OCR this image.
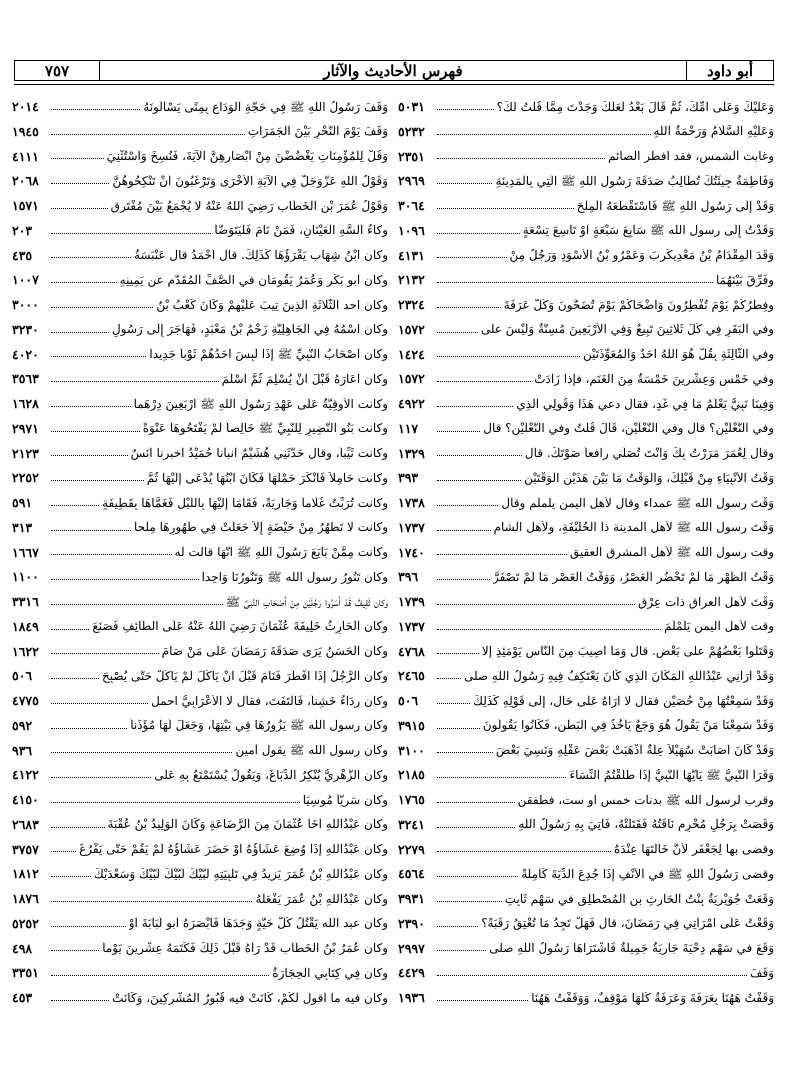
أبو داود
فهرس الأحاديث والآثار
٧٥٧
وَعَلَيْكَ وَعَلَى أُمِّكَ، ثُمَّ قَالَ بَعْدُ لَعَلَّكَ وَجَدْتَ مِمَّا قُلْتُ لَكَ؟
٥٠٣١
وَعَلَيْهِ السَّلَامُ وَرَحْمَةُ اللهِ
٥٢٣٢
وغابت الشمس، فقد أفطر الصائم
٢٣٥١
وَفَاطِمَةُ جِيئَتُكَ تُطَالِبُ صَدَقَةَ رَسُولِ اللهِ ﷺ الَّتِي بِالْمَدِينَةِ
٢٩٦٩
وَقَدْ إِلَى رَسُولِ اللهِ ﷺ فَاسْتَقْطَعَهُ الْمِلْحَ
٣٠٦٤
وَقَدْتُ إِلَى رسول الله ﷺ سَابِعَ سَبْعَةٍ أَوْ تَاسِعَ تِسْعَةٍ
١٠٩٦
وَقَدَ الْمِقْدَامُ بْنُ مَعْدِيكَرِبَ وَعَمْرُو بْنُ الْأَسْوَدِ وَرَجُلٌ مِنْ
٤١٣١
وفَرِّقَ بَيْنَهُمَا
٢١٣٢
وفِطْرُكُمْ يَوْمَ تُفْطِرُونَ وَأَضْحَاكُمْ يَوْمَ تُضَحُّونَ وَكُلُّ عَرَفَةَ
٢٣٢٤
وفي الْبَقَرِ فِي كُلِّ ثَلَاثِينَ تَبِيعٌ وَفِي الْأَرْبَعِينَ مُسِنَّةٌ وَلَيْسَ على
١٥٧٢
وفي الثَّالِثَةِ بِقُلْ هُوَ اللهُ أَحَدٌ وَالْمُعَوِّذَتَيْنِ
١٤٢٤
وفي خَمْسٍ وَعِشْرِينَ خَمْسَةٌ مِنَ الْغَنَمِ، فإذا زَادَتْ
١٥٧٢
وَفِينَا نَبِيٌّ يَعْلَمُ مَا فِي غَدٍ، فقال دعي هَذَا وَقُولِي الَّذِي
٤٩٢٢
وفي النَّعْلَيْنِ؟ قال وفي النَّعْلَيْنِ، قَالَ قُلْتُ وفي النَّعْلَيْنِ؟ قال
١١٧
وقال لِعُمَرَ مَرَرْتُ بِكَ وَأَنْتَ تُصَلِّي رافعاً صَوْتَكَ. قال
١٣٢٩
وَقْتُ الأَنْبِيَاءِ مِنْ قَبْلِكَ، وَالْوَقْتُ مَا بَيْنَ هَذَيْنِ الْوَقْتَيْنِ
٣٩٣
وَقْتَ رسول الله ﷺ عمداء وقال لأهل اليمن يلملم وقال
١٧٣٨
وَقْتَ رسول الله ﷺ لأهل المدينة ذا الحُلَيْفَةِ، ولأهل الشام
١٧٣٧
وقت رسول الله ﷺ لأهل المشرق العقيق
١٧٤٠
وَقْتُ الظُّهْرِ مَا لَمْ تَحْضُرِ الْعَصْرُ، وَوَقْتُ الْعَصْرِ مَا لَمْ تَصْفَرَّ
٣٩٦
وَقْتَ لأهل العراق ذات عِرْقٍ
١٧٣٩
وقت لأهل اليمن يَلَمْلَمَ
١٧٣٧
وَقَتَلُوا بَعْضُهُمْ على بَعْضٍ. قال وَمَا أُصِيبَ مِنَ النَّاسِ يَوْمَئِذٍ إلا
٤٧٦٨
وَقَدْ أَرَانِي عَبْدُاللهِ الْمَكَانَ الَّذِي كَانَ يَعْتَكِفُ فِيهِ رَسُولُ اللهِ صلى
٢٤٦٥
وَقَدْ سَمِعْتُهَا مِنْ حُصَيْنٍ فقال لا أُرَاهُ عَلَى حَالٍ، إِلَى قَوْلِهِ كَذَلِكَ
٥٠٦
وَقَدْ سَمِعْنَا مَنْ يَقُولُ هُوَ وَجَعٌ يَأْخُذُ فِي الْبَطْنِ، فَكَانُوا يَقُولُونَ
٣٩١٥
وَقَدْ كَانَ أَصَابَتْ سُهَيْلاً عِلَّةٌ أَذْهَبَتْ بَعْضَ عَقْلِهِ وَنَسِيَ بَعْضَ
٣١٠٠
وَقَرَأَ النَّبِيُّ ﷺ يَأَيُّهَا النَّبِيُّ إِذَا طَلَّقْتُمُ النِّسَاءَ
٢١٨٥
وقرب لرسول الله ﷺ بدنات خمس أو ست، فطفقن
١٧٦٥
وَقَصَتْ بِرَجُلٍ مُحْرِمٍ نَاقَتُهُ فَقَتَلَتْهُ، فَأُتِيَ بِهِ رَسُولُ اللهِ
٣٢٤١
وقضى بها لِجَعْفَرٍ لأَنَّ خَالَتَهَا عِنْدَهُ
٢٢٧٩
وقضى رَسُولُ اللهِ ﷺ في الأَنْفِ إِذَا جُدِعَ الدِّيَةَ كَامِلَةً
٤٥٦٤
وَقَعَتْ جُوَيْرِيَةُ بِنْتُ الْحَارِثِ بن الْمُصْطَلِقِ في سَهْمِ ثَابِتِ
٣٩٣١
وَقَعْتُ عَلَى امْرَأَتِي فِي رَمَضَانَ، قال فَهَلْ تَجِدُ مَا تُعْتِقُ رَقَبَةً؟
٢٣٩٠
وَقَعَ في سَهْمِ دِحْيَةَ جَارِيَةٌ جَمِيلَةٌ فَاشْتَرَاهَا رَسُولُ اللهِ صلى
٢٩٩٧
وَقَفَ
٤٤٢٩
وَقَفْتُ هَهُنَا بِعَرَفَةَ وَعَرَفَةُ كُلُّهَا مَوْقِفٌ، وَوَقَفْتُ هَهُنَا
١٩٣٦
وَقَفَ رَسُولُ اللهِ ﷺ فِي حَجَّةِ الْوَدَاعِ بِمِنًى يَسْأَلُونَهُ
٢٠١٤
وَقَفَ يَوْمَ النَّحْرِ بَيْنَ الْجَمَرَاتِ
١٩٤٥
وَقُلْ لِلْمُؤْمِنَاتِ يَغْضُضْنَ مِنْ أَبْصَارِهِنَّ الآيَةَ، فَنُسِخَ وَاسْتُثْنِيَ
٤١١١
وَقَوْلُ اللهِ عَزَّوَجَلَّ فِي الآيَةِ الأُخْرَى وَتَرْغَبُونَ أَنْ تَنْكِحُوهُنَّ
٢٠٦٨
وَقَوْلُ عُمَرَ بْنِ الْخَطَّابِ رَضِيَ اللهُ عَنْهُ لا يُجْمَعُ بَيْنَ مُفْتَرِقٍ
١٥٧١
وكاءُ السَّهِ الْعَيْنَانِ، فَمَنْ نَامَ فَلْيَتَوَضَّأْ
٢٠٣
وكان ابْنُ شِهَابٍ يَقْرَؤُهَا كَذَلِكَ. قال أَحْمَدُ قال عَنْبَسَةُ
٤٣٥
وكان أبو بَكْرٍ وَعُمَرُ يَقُومَانِ في الصَّفِّ الْمُقَدَّمِ عن يَمِينِهِ
١٠٠٧
وكان أحد الثَّلاثَةِ الَّذِينَ تِيبَ عَلَيْهِمْ وَكَانَ كَعْبُ بْنُ
٣٠٠٠
وكان اسْمُهُ فِي الْجَاهِلِيَّةِ زَحْمُ بْنُ مَعْبَدٍ، فَهَاجَرَ إِلَى رَسُولِ
٣٢٣٠
وكان أَصْحَابُ النَّبِيِّ ﷺ إِذَا لَبِسَ أَحَدُهُمْ ثَوْباً جَدِيداً
٤٠٢٠
وكان أَعَارَهُ قَبْلَ أَنْ يُسْلِمَ ثُمَّ أَسْلَمَ
٣٥٦٣
وكانت الأُوقِيَّةُ عَلَى عَهْدِ رَسُولِ اللهِ ﷺ أَرْبَعِينَ دِرْهَماً
١٦٢٨
وكانت بَنُو النَّضِيرِ لِلنَّبِيِّ ﷺ خَالِصاً لَمْ يَفْتَحُوهَا عَنْوَةً
٢٩٧١
وكانت ثَيِّباً، وقال حَدَّثَنِي هُشَيْمٌ أنبأنا حُمَيْدٌ أخبرنا أَنَسٌ
٢١٢٣
وكانت حَامِلاً فَأَنْكَرَ حَمْلَهَا فَكَانَ ابْنُهَا يُدْعَى إِلَيْهَا ثُمَّ
٢٢٥٢
وكانت تُرَبِّتُ غُلَاماً وَجَارِيَةً، فَقَامَا إِلَيْهَا بِاللَّيْلِ فَغَمَّاهَا بِقَطِيفَةٍ
٥٩١
وكانت لا تَطْهُرُ مِنْ حَيْضَةٍ إِلاَّ جَعَلَتْ فِي طُهُورِهَا مِلْحاً
٣١٣
وكانت مِمَّنْ بَايَعَ رَسُولَ اللهِ ﷺ أَنَّهَا قالت له
١٦٦٧
وكان تَنُورُ رسول الله ﷺ وَتَنُّورُنَا وَاحِداً
١١٠٠
وكان ثَقِيفٌ قَدْ أَسَرُوا رَجُلَيْنِ مِنْ أَصْحَابِ النَّبِيِّ ﷺ
٣٣١٦
وكان الْحَارِثُ خَلِيفَةَ عُثْمَانَ رَضِيَ اللهُ عَنْهُ عَلَى الطَّائِفِ فَصَنَعَ
١٨٤٩
وكان الْحَسَنُ يَرَى صَدَقَةَ رَمَضَانَ عَلَى مَنْ صَامَ
١٦٢٢
وكان الرَّجُلُ إِذَا أَفْطَرَ فَنَامَ قَبْلَ أَنْ يَأْكُلَ لَمْ يَأْكُلْ حَتَّى يُصْبِحَ
٥٠٦
وكان رِدَاءُ خَشِناً، فَالْتَفَتَ، فقال لا الأَعْرَابِيُّ احمل
٤٧٧٥
وكان رسول الله ﷺ يَزُورُهَا فِي بَيْتِهَا، وَجَعَلَ لَهَا مُؤَذِّناً
٥٩٢
وكان رسول الله ﷺ يقول آمين
٩٣٦
وكان الزُّهْرِيُّ يُنْكِرُ الدِّبَاغَ، وَيَقُولُ يُسْتَمْتَعُ بِهِ عَلَى
٤١٢٢
وكان سَرِيّاً مُوسِيَاً
٤١٥٠
وكان عَبْدُاللهِ أَخَا عُثْمَانَ مِنَ الرَّضَاعَةِ وَكَانَ الْوَلِيدُ بْنُ عُقْبَةَ
٢٦٨٣
وكان عَبْدُاللهِ إِذَا وُضِعَ عَشَاؤُهُ أَوْ حَضَرَ عَشَاؤُهُ لَمْ يَقُمْ حَتَّى يَفْرُغَ
٣٧٥٧
وكان عَبْدُاللهِ بْنُ عُمَرَ يَزِيدُ فِي تَلْبِيَتِهِ لَبَّيْكَ لَبَّيْكَ لَبَّيْكَ وَسَعْدَيْكَ
١٨١٢
وكان عَبْدُاللهِ بْنُ عُمَرَ يَفْعَلُهُ
١٨٧٦
وكان عبد الله يَقْتُلُ كُلَّ حَيَّةٍ وَجَدَهَا فَأَبْصَرَهُ أبو لُبَابَةَ أَوْ
٥٢٥٢
وكان عُمَرُ بْنُ الْخَطَّابِ قَدْ رَآهُ قَبْلَ ذَلِكَ فَكَتَمَهُ عِشْرِينَ يَوْماً
٤٩٨
وكان فِي كِتَابِي الْحِجَارَةُ
٣٣٥١
وكان فيه ما أقول لَكُمْ، كَانَتْ فيه قُبُورُ الْمُشْرِكِينَ، وَكَانَتْ
٤٥٣
